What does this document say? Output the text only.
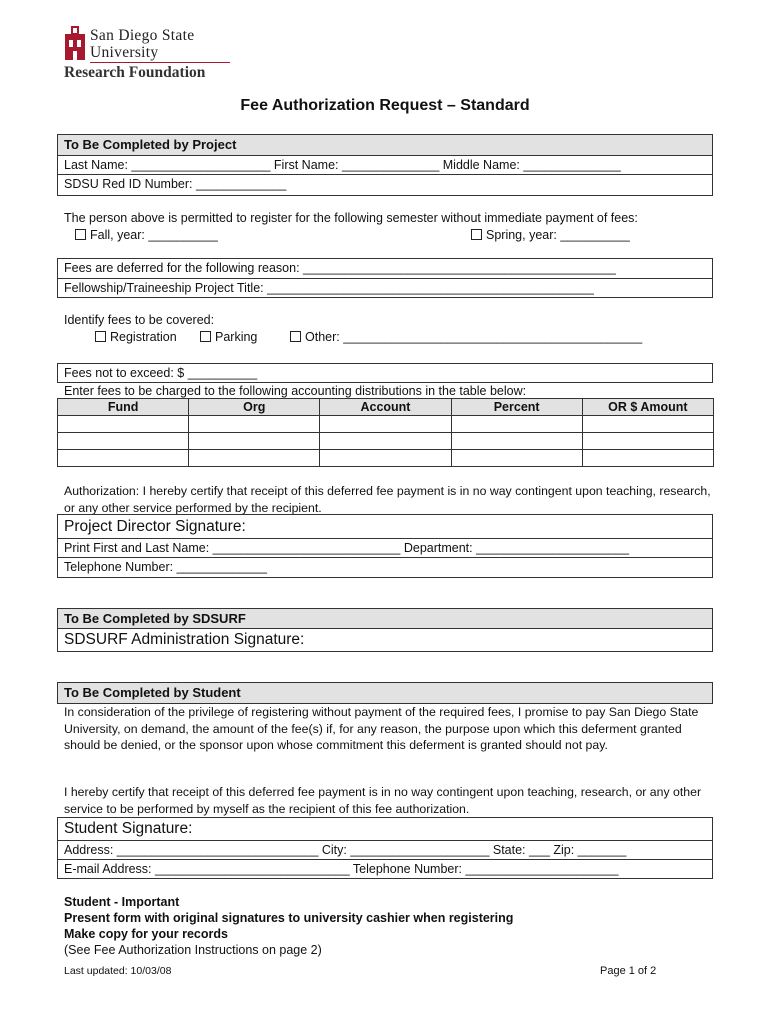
San Diego State
University
Research Foundation
Fee Authorization Request – Standard
To Be Completed by Project
Last Name: ____________________ First Name: ______________ Middle Name: ______________
SDSU Red ID Number: _____________
The person above is permitted to register for the following semester without immediate payment of fees:
Fall, year: __________	Spring, year: __________
Fees are deferred for the following reason: _____________________________________________
Fellowship/Traineeship Project Title: _______________________________________________
Identify fees to be covered:
Registration	Parking	Other: ___________________________________________
Fees not to exceed: $ __________
Enter fees to be charged to the following accounting distributions in the table below:
Fund	Org	Account	Percent	OR $ Amount

Authorization: I hereby certify that receipt of this deferred fee payment is in no way contingent upon teaching, research, or any other service performed by the recipient.
Project Director Signature:
Print First and Last Name: ___________________________ Department: ______________________
Telephone Number: _____________
To Be Completed by SDSURF
SDSURF Administration Signature:
To Be Completed by Student
In consideration of the privilege of registering without payment of the required fees, I promise to pay San Diego State University, on demand, the amount of the fee(s) if, for any reason, the purpose upon which this deferment granted should be denied, or the sponsor upon whose commitment this deferment is granted should not pay.
I hereby certify that receipt of this deferred fee payment is in no way contingent upon teaching, research, or any other service to be performed by myself as the recipient of this fee authorization.
Student Signature:
Address: _____________________________ City: ____________________ State: ___ Zip: _______
E-mail Address: ____________________________ Telephone Number: ______________________
Student - Important
Present form with original signatures to university cashier when registering
Make copy for your records
(See Fee Authorization Instructions on page 2)
Last updated: 10/03/08	Page 1 of 2
